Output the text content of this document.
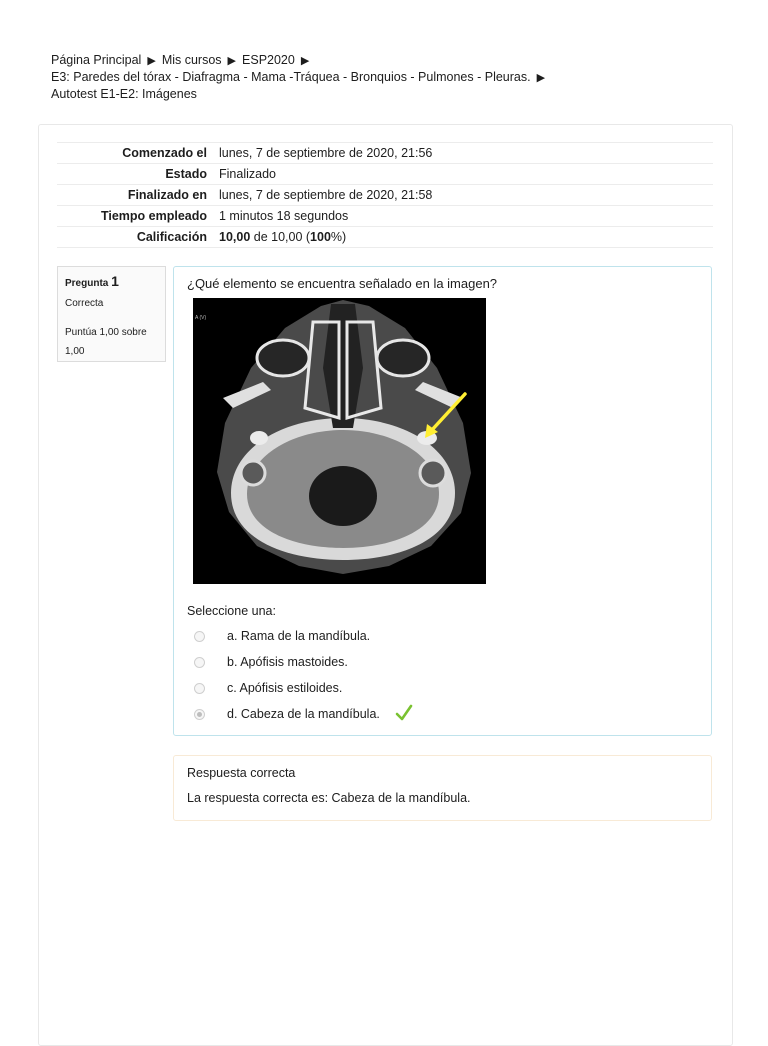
Página Principal ▶ Mis cursos ▶ ESP2020 ▶
E3: Paredes del tórax - Diafragma - Mama -Tráquea - Bronquios - Pulmones - Pleuras. ▶
Autotest E1-E2: Imágenes
Comenzado el	lunes, 7 de septiembre de 2020, 21:56
Estado	Finalizado
Finalizado en	lunes, 7 de septiembre de 2020, 21:58
Tiempo empleado	1 minutos 18 segundos
Calificación	10,00 de 10,00 (100%)
Pregunta 1
Correcta
Puntúa 1,00 sobre 1,00
¿Qué elemento se encuentra señalado en la imagen?
A (V)
Seleccione una:
a. Rama de la mandíbula.
b. Apófisis mastoides.
c. Apófisis estiloides.
d. Cabeza de la mandíbula.
Respuesta correcta
La respuesta correcta es: Cabeza de la mandíbula.
